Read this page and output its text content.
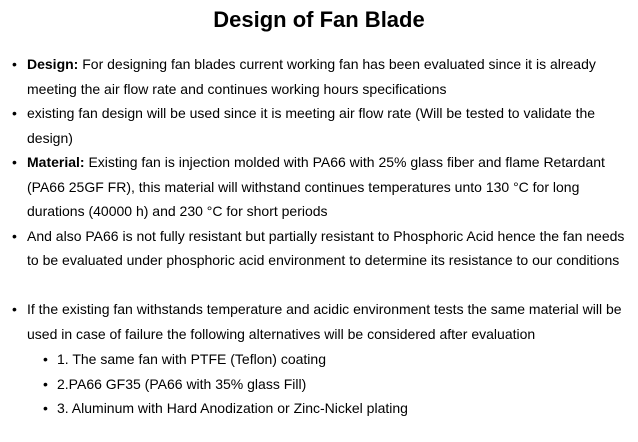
Design of Fan Blade
• Design: For designing fan blades current working fan has been evaluated since it is already meeting the air flow rate and continues working hours specifications
• existing fan design will be used since it is meeting air flow rate (Will be tested to validate the design)
• Material: Existing fan is injection molded with PA66 with 25% glass fiber and flame Retardant (PA66 25GF FR), this material will withstand continues temperatures unto 130 °C for long durations (40000 h) and 230 °C for short periods
• And also PA66 is not fully resistant but partially resistant to Phosphoric Acid hence the fan needs to be evaluated under phosphoric acid environment to determine its resistance to our conditions
• If the existing fan withstands temperature and acidic environment tests the same material will be used in case of failure the following alternatives will be considered after evaluation
• 1. The same fan with PTFE (Teflon) coating
• 2.PA66 GF35 (PA66 with 35% glass Fill)
• 3. Aluminum with Hard Anodization or Zinc-Nickel plating
